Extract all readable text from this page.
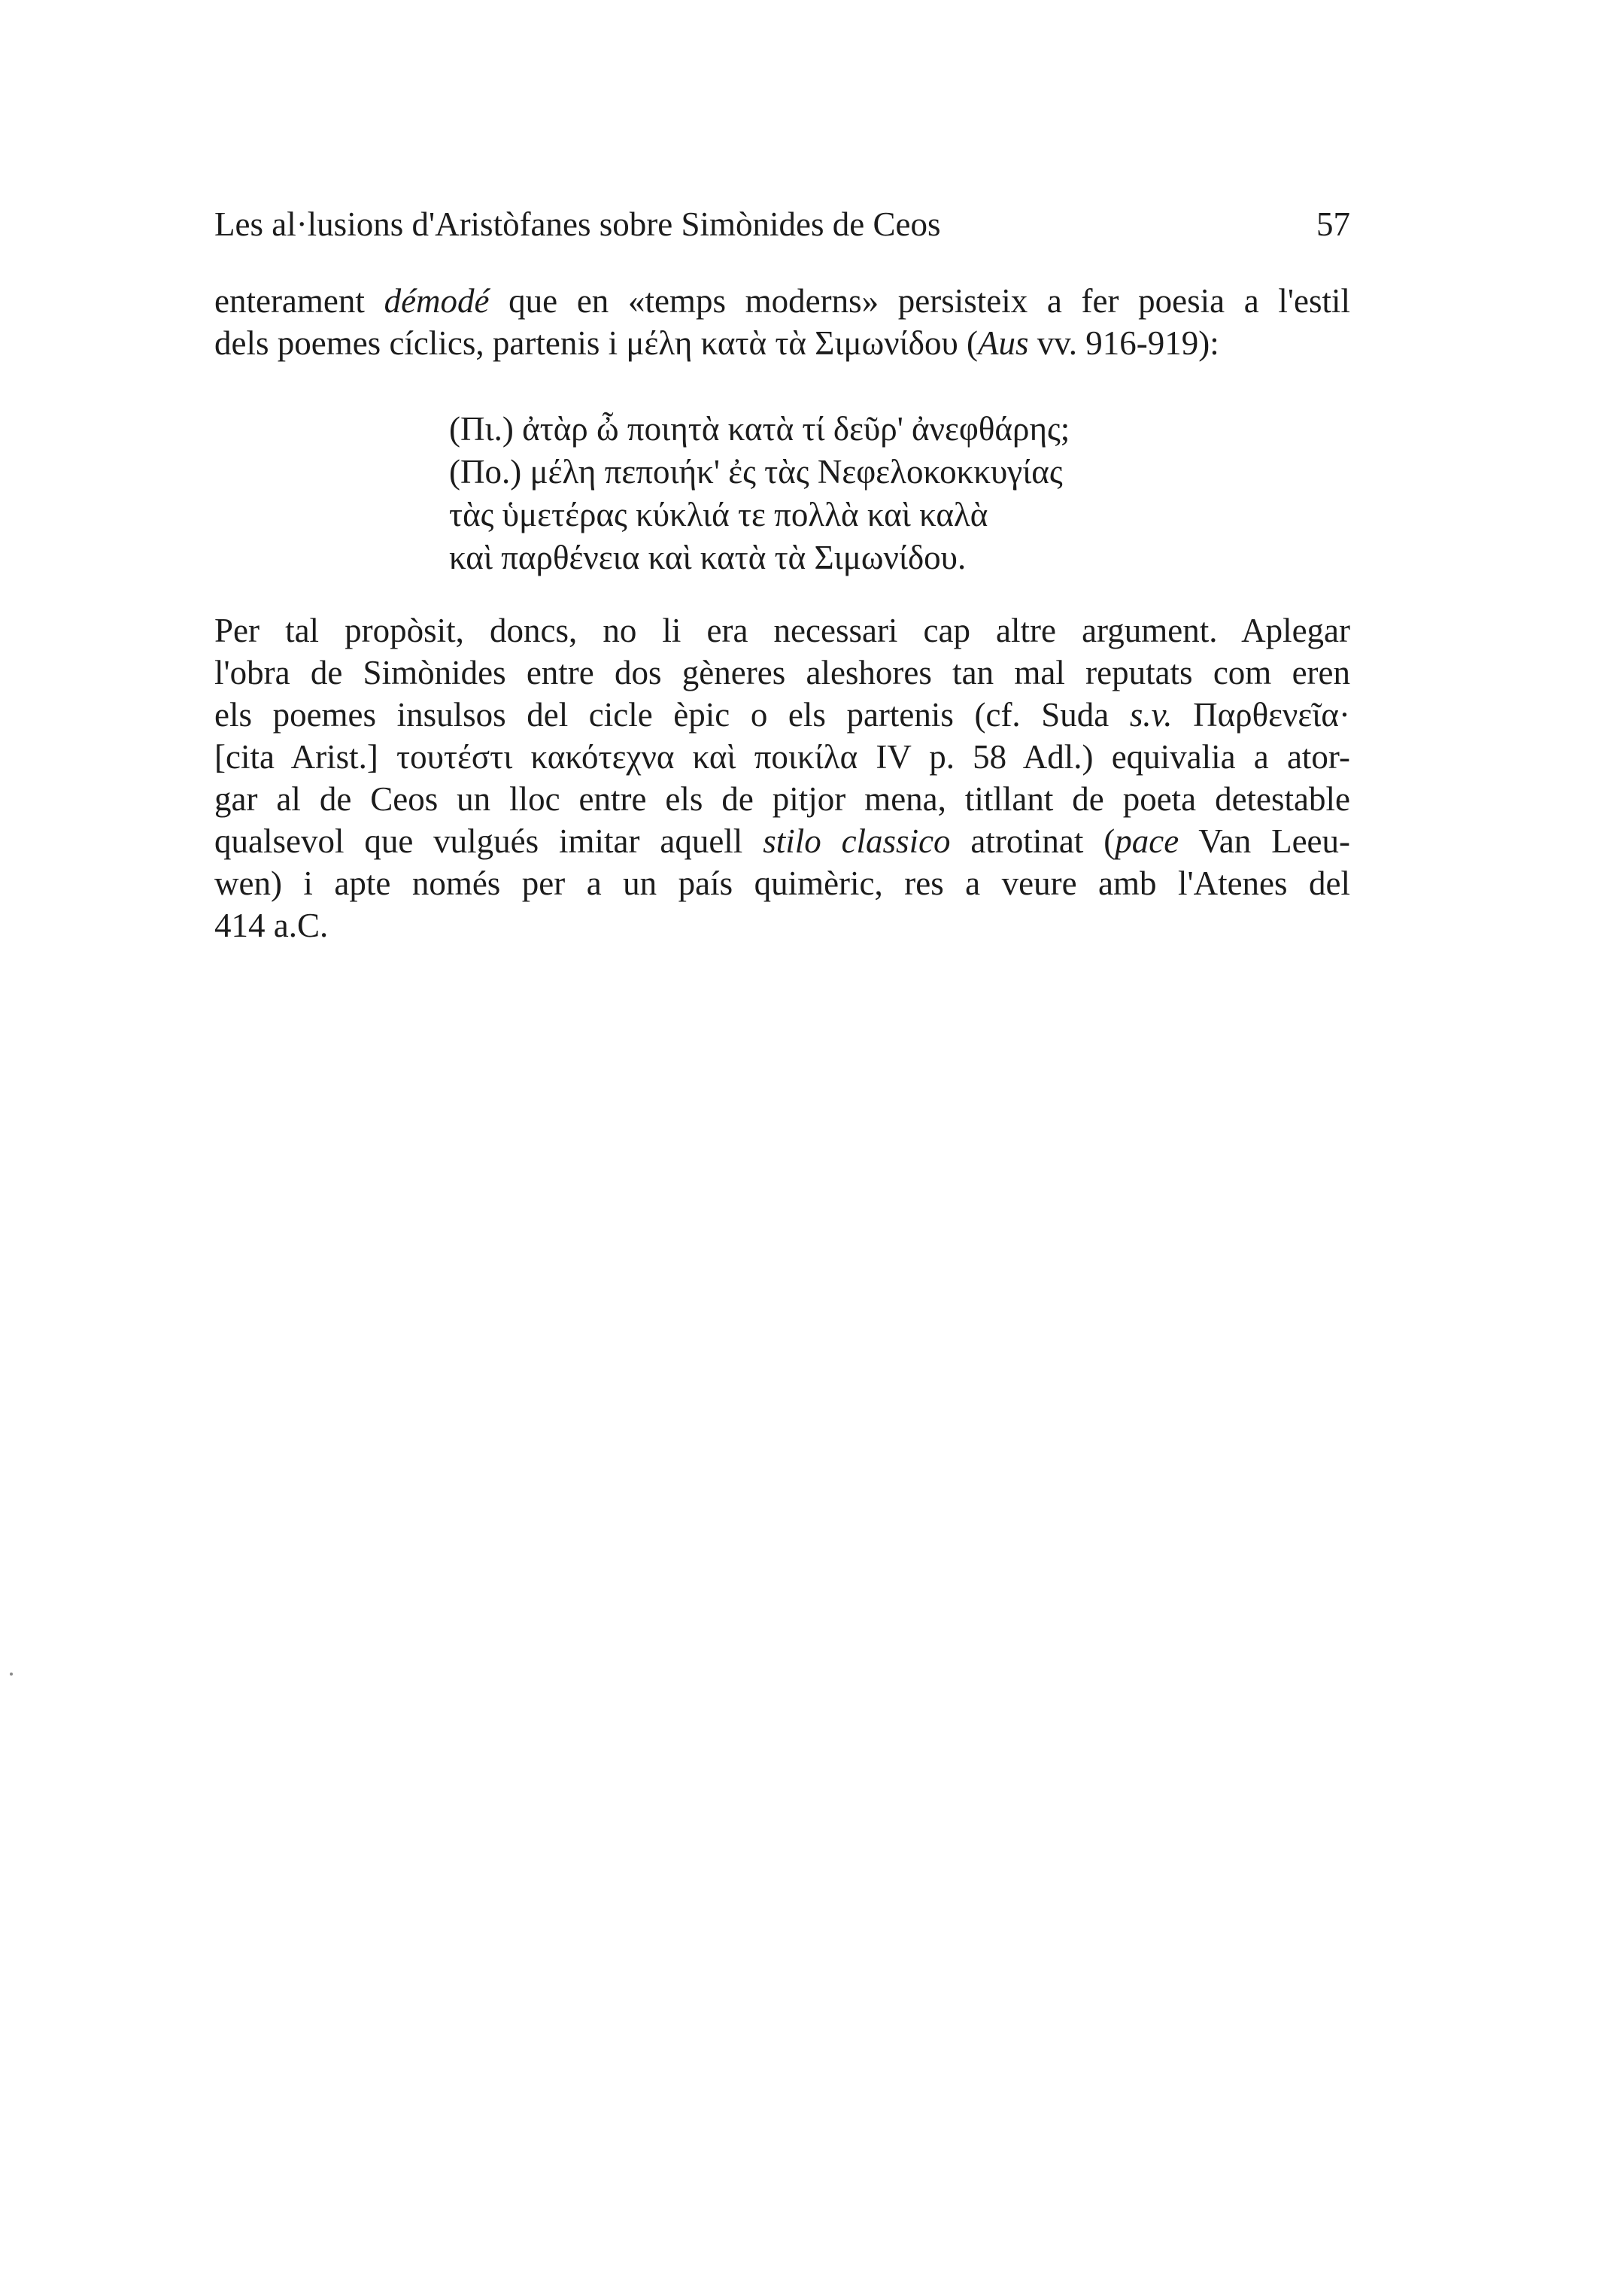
Les al·lusions d'Aristòfanes sobre Simònides de Ceos	57
enterament démodé que en «temps moderns» persisteix a fer poesia a l'estil
dels poemes cíclics, partenis i μέλη κατὰ τὰ Σιμωνίδου (Aus vv. 916-919):
(Πι.) ἀτὰρ ὦ ποιητὰ κατὰ τί δεῦρ' ἀνεφθάρης;
(Πο.) μέλη πεποιήκ' ἐς τὰς Νεφελοκοκκυγίας
τὰς ὑμετέρας κύκλιά τε πολλὰ καὶ καλὰ
καὶ παρθένεια καὶ κατὰ τὰ Σιμωνίδου.
Per tal propòsit, doncs, no li era necessari cap altre argument. Aplegar
l'obra de Simònides entre dos gèneres aleshores tan mal reputats com eren
els poemes insulsos del cicle èpic o els partenis (cf. Suda s.v. Παρθενεῖα·
[cita Arist.] τουτέστι κακότεχνα καὶ ποικίλα IV p. 58 Adl.) equivalia a ator-
gar al de Ceos un lloc entre els de pitjor mena, titllant de poeta detestable
qualsevol que vulgués imitar aquell stilo classico atrotinat (pace Van Leeu-
wen) i apte només per a un país quimèric, res a veure amb l'Atenes del
414 a.C.
